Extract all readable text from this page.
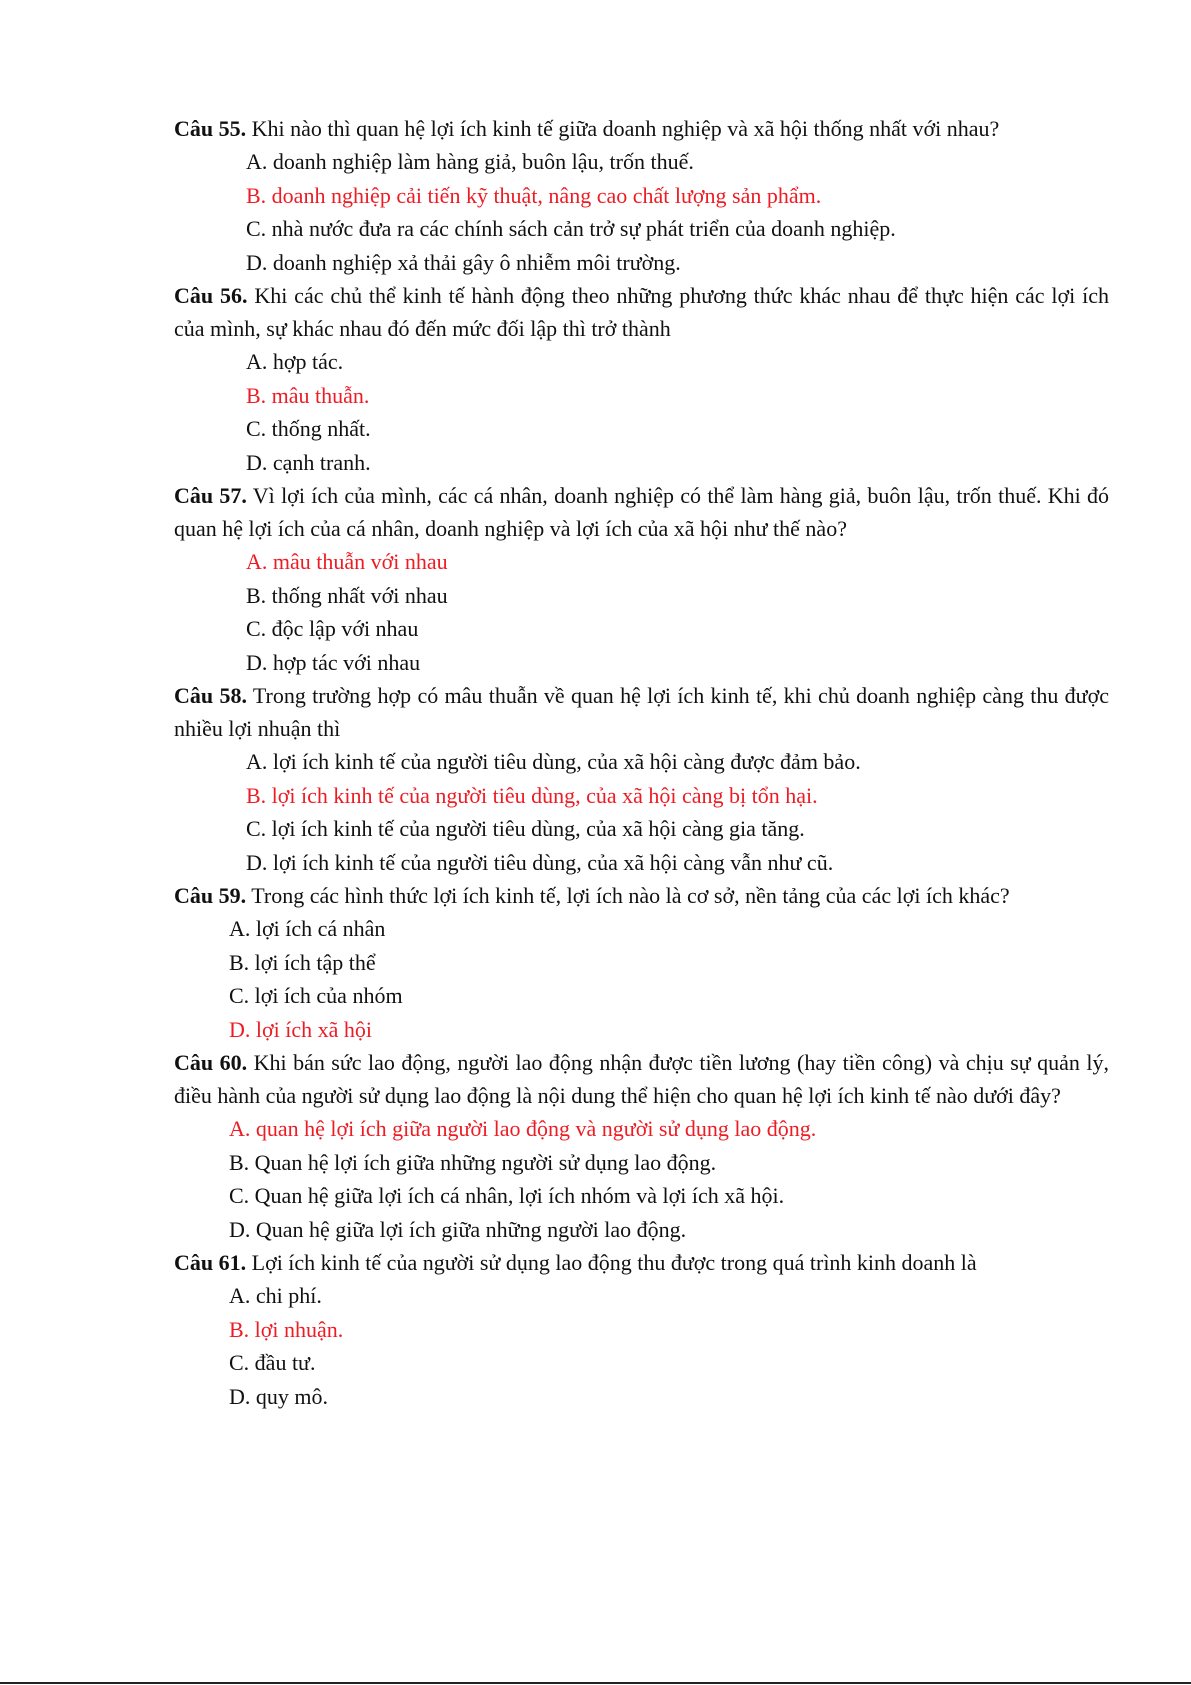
Câu 55. Khi nào thì quan hệ lợi ích kinh tế giữa doanh nghiệp và xã hội thống nhất với nhau?

A. doanh nghiệp làm hàng giả, buôn lậu, trốn thuế.
B. doanh nghiệp cải tiến kỹ thuật, nâng cao chất lượng sản phẩm.
C. nhà nước đưa ra các chính sách cản trở sự phát triển của doanh nghiệp.
D. doanh nghiệp xả thải gây ô nhiễm môi trường.

Câu 56. Khi các chủ thể kinh tế hành động theo những phương thức khác nhau để thực hiện các lợi ích của mình, sự khác nhau đó đến mức đối lập thì trở thành

A. hợp tác.
B. mâu thuẫn.
C. thống nhất.
D. cạnh tranh.

Câu 57. Vì lợi ích của mình, các cá nhân, doanh nghiệp có thể làm hàng giả, buôn lậu, trốn thuế. Khi đó quan hệ lợi ích của cá nhân, doanh nghiệp và lợi ích của xã hội như thế nào?

A. mâu thuẫn với nhau
B. thống nhất với nhau
C. độc lập với nhau
D. hợp tác với nhau

Câu 58. Trong trường hợp có mâu thuẫn về quan hệ lợi ích kinh tế, khi chủ doanh nghiệp càng thu được nhiều lợi nhuận thì

A. lợi ích kinh tế của người tiêu dùng, của xã hội càng được đảm bảo.
B. lợi ích kinh tế của người tiêu dùng, của xã hội càng bị tổn hại.
C. lợi ích kinh tế của người tiêu dùng, của xã hội càng gia tăng.
D. lợi ích kinh tế của người tiêu dùng, của xã hội càng vẫn như cũ.

Câu 59. Trong các hình thức lợi ích kinh tế, lợi ích nào là cơ sở, nền tảng của các lợi ích khác?

A. lợi ích cá nhân
B. lợi ích tập thể
C. lợi ích của nhóm
D. lợi ích xã hội

Câu 60. Khi bán sức lao động, người lao động nhận được tiền lương (hay tiền công) và chịu sự quản lý, điều hành của người sử dụng lao động là nội dung thể hiện cho quan hệ lợi ích kinh tế nào dưới đây?

A. quan hệ lợi ích giữa người lao động và người sử dụng lao động.
B. Quan hệ lợi ích giữa những người sử dụng lao động.
C. Quan hệ giữa lợi ích cá nhân, lợi ích nhóm và lợi ích xã hội.
D. Quan hệ giữa lợi ích giữa những người lao động.

Câu 61. Lợi ích kinh tế của người sử dụng lao động thu được trong quá trình kinh doanh là

A. chi phí.
B. lợi nhuận.
C. đầu tư.
D. quy mô.
